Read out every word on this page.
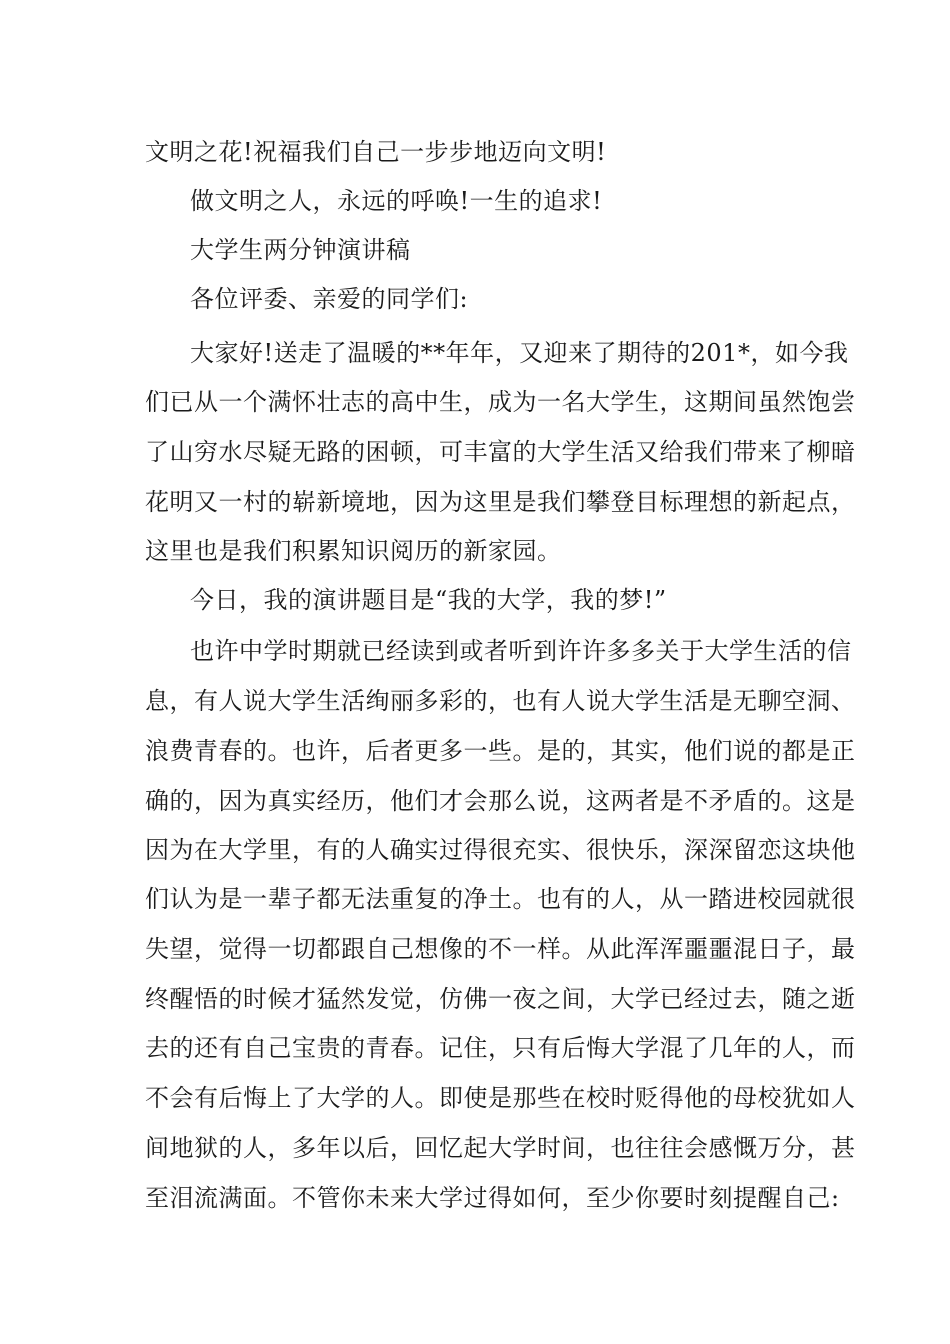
文明之花!祝福我们自己一步步地迈向文明!
做文明之人，永远的呼唤!一生的追求!
大学生两分钟演讲稿
各位评委、亲爱的同学们:
大家好!送走了温暖的**年年，又迎来了期待的201*，如今我
们已从一个满怀壮志的高中生，成为一名大学生，这期间虽然饱尝
了山穷水尽疑无路的困顿，可丰富的大学生活又给我们带来了柳暗
花明又一村的崭新境地，因为这里是我们攀登目标理想的新起点，
这里也是我们积累知识阅历的新家园。
今日，我的演讲题目是“我的大学，我的梦!”
也许中学时期就已经读到或者听到许许多多关于大学生活的信
息，有人说大学生活绚丽多彩的，也有人说大学生活是无聊空洞、
浪费青春的。也许，后者更多一些。是的，其实，他们说的都是正
确的，因为真实经历，他们才会那么说，这两者是不矛盾的。这是
因为在大学里，有的人确实过得很充实、很快乐，深深留恋这块他
们认为是一辈子都无法重复的净土。也有的人，从一踏进校园就很
失望，觉得一切都跟自己想像的不一样。从此浑浑噩噩混日子，最
终醒悟的时候才猛然发觉，仿佛一夜之间，大学已经过去，随之逝
去的还有自己宝贵的青春。记住，只有后悔大学混了几年的人，而
不会有后悔上了大学的人。即使是那些在校时贬得他的母校犹如人
间地狱的人，多年以后，回忆起大学时间，也往往会感慨万分，甚
至泪流满面。不管你未来大学过得如何，至少你要时刻提醒自己:
